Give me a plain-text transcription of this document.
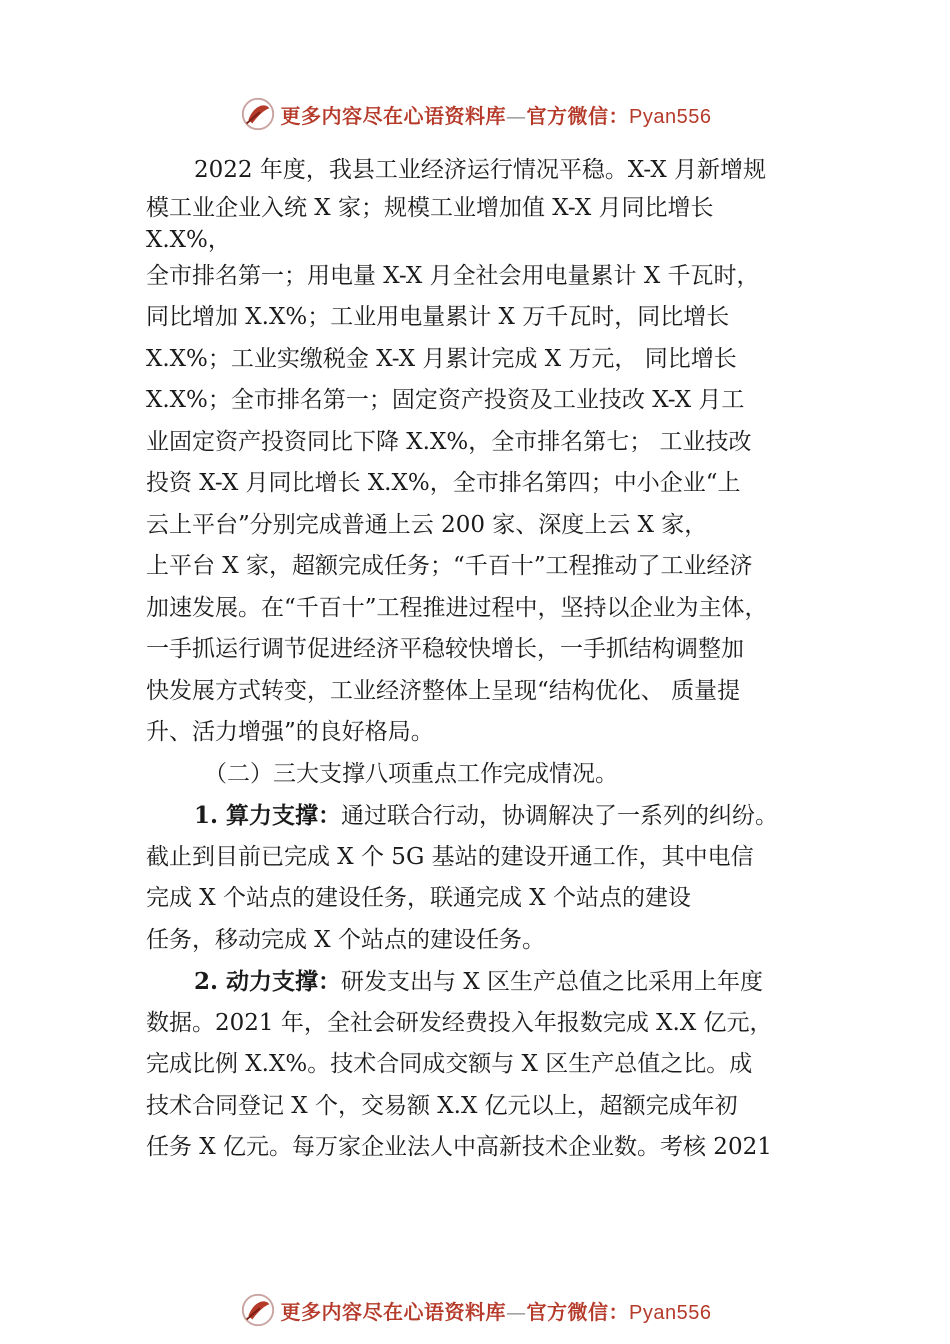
更多内容尽在心语资料库—官方微信：Pyan556
2022 年度，我县工业经济运行情况平稳。X-X 月新增规
模工业企业入统 X 家；规模工业增加值 X-X 月同比增长
X.X%，
全市排名第一；用电量 X-X 月全社会用电量累计 X 千瓦时，
同比增加 X.X%；工业用电量累计 X 万千瓦时，同比增长
X.X%；工业实缴税金 X-X 月累计完成 X 万元， 同比增长
X.X%；全市排名第一；固定资产投资及工业技改 X-X 月工
业固定资产投资同比下降 X.X%，全市排名第七； 工业技改
投资 X-X 月同比增长 X.X%，全市排名第四；中小企业“上
云上平台”分别完成普通上云 200 家、深度上云 X 家，
上平台 X 家，超额完成任务；“千百十”工程推动了工业经济
加速发展。在“千百十”工程推进过程中，坚持以企业为主体，
一手抓运行调节促进经济平稳较快增长，一手抓结构调整加
快发展方式转变，工业经济整体上呈现“结构优化、 质量提
升、活力增强”的良好格局。
（二）三大支撑八项重点工作完成情况。
1. 算力支撑：通过联合行动，协调解决了一系列的纠纷。
截止到目前已完成 X 个 5G 基站的建设开通工作，其中电信
完成 X 个站点的建设任务，联通完成 X 个站点的建设
任务，移动完成 X 个站点的建设任务。
2. 动力支撑：研发支出与 X 区生产总值之比采用上年度
数据。2021 年，全社会研发经费投入年报数完成 X.X 亿元，
完成比例 X.X%。技术合同成交额与 X 区生产总值之比。成
技术合同登记 X 个，交易额 X.X 亿元以上，超额完成年初
任务 X 亿元。每万家企业法人中高新技术企业数。考核 2021
更多内容尽在心语资料库—官方微信：Pyan556
